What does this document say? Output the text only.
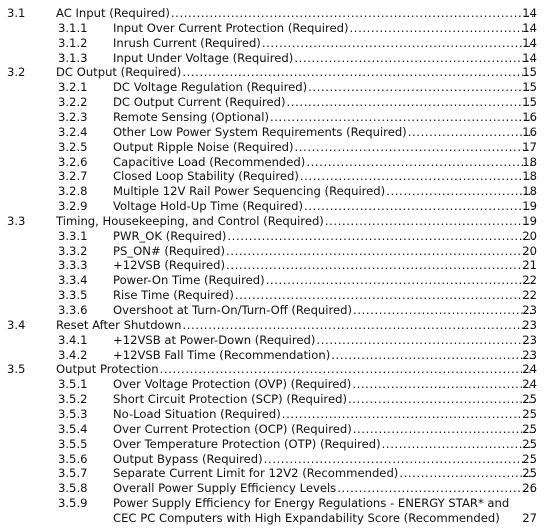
3.1	AC Input (Required) .....	14
3.1.1 Input Over Current Protection (Required) .....	14
3.1.2 Inrush Current (Required) .....	14
3.1.3 Input Under Voltage (Required) .....	14
3.2	DC Output (Required) .....	15
3.2.1 DC Voltage Regulation (Required) .....	15
3.2.2 DC Output Current (Required) .....	15
3.2.3 Remote Sensing (Optional) .....	16
3.2.4 Other Low Power System Requirements (Required) .....	16
3.2.5 Output Ripple Noise (Required) .....	17
3.2.6 Capacitive Load (Recommended) .....	18
3.2.7 Closed Loop Stability (Required) .....	18
3.2.8 Multiple 12V Rail Power Sequencing (Required) .....	18
3.2.9 Voltage Hold-Up Time (Required) .....	19
3.3	Timing, Housekeeping, and Control (Required) .....	19
3.3.1 PWR_OK (Required) .....	20
3.3.2 PS_ON# (Required) .....	20
3.3.3 +12VSB (Required) .....	21
3.3.4 Power-On Time (Required) .....	22
3.3.5 Rise Time (Required) .....	22
3.3.6 Overshoot at Turn-On/Turn-Off (Required) .....	23
3.4	Reset After Shutdown .....	23
3.4.1 +12VSB at Power-Down (Required) .....	23
3.4.2 +12VSB Fall Time (Recommendation) .....	23
3.5	Output Protection .....	24
3.5.1 Over Voltage Protection (OVP) (Required) .....	24
3.5.2 Short Circuit Protection (SCP) (Required) .....	25
3.5.3 No-Load Situation (Required) .....	25
3.5.4 Over Current Protection (OCP) (Required) .....	25
3.5.5 Over Temperature Protection (OTP) (Required) .....	25
3.5.6 Output Bypass (Required) .....	25
3.5.7 Separate Current Limit for 12V2 (Recommended) .....	25
3.5.8 Overall Power Supply Efficiency Levels .....	26
3.5.9 Power Supply Efficiency for Energy Regulations - ENERGY STAR* and
CEC PC Computers with High Expandability Score (Recommended) 27
